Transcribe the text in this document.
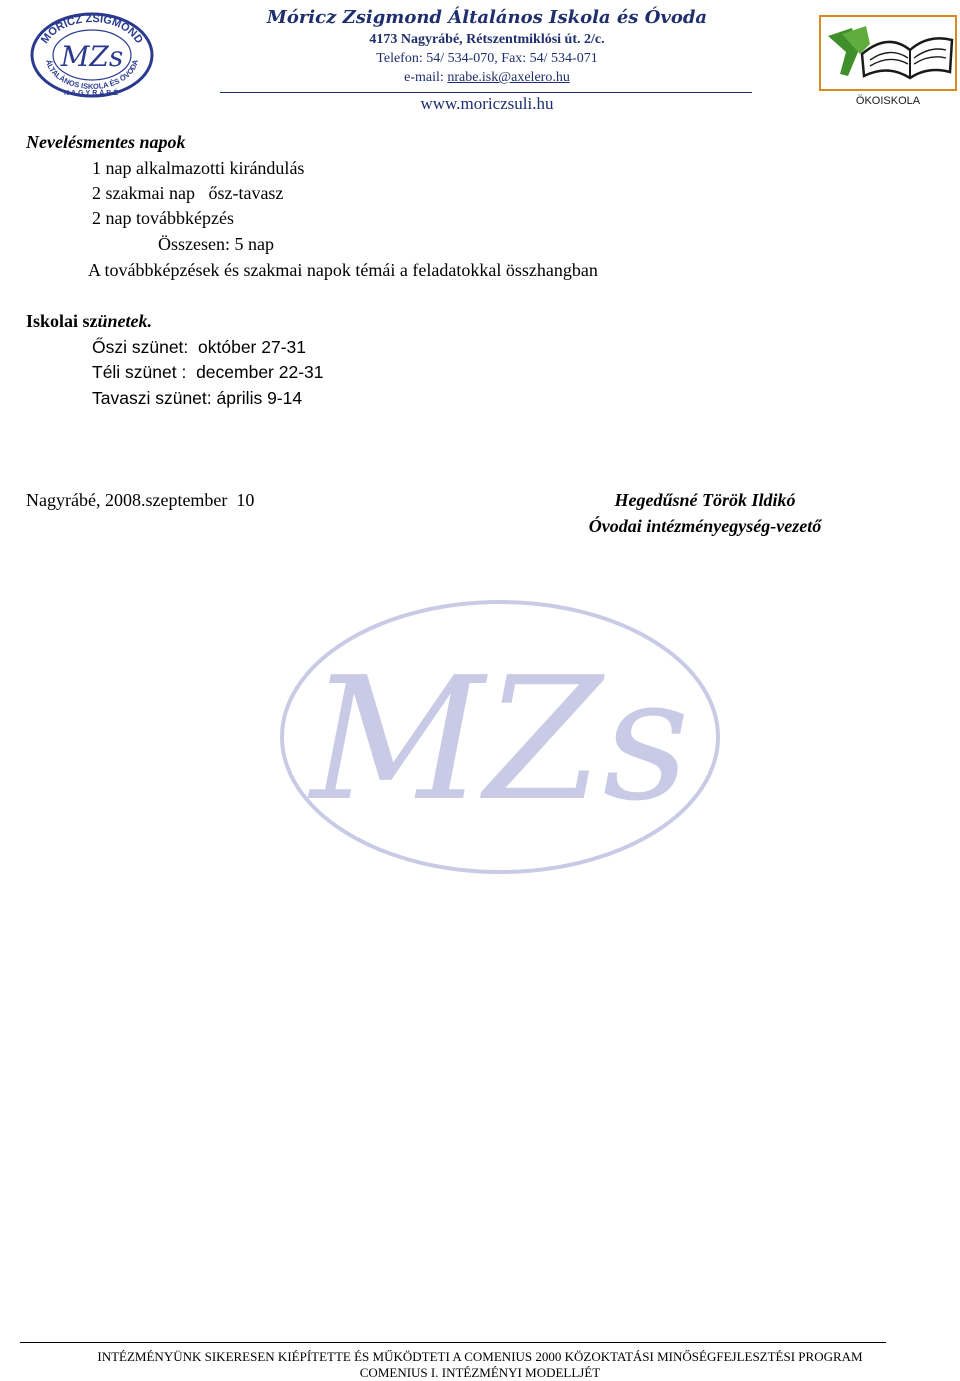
MÓRICZ ZSIGMOND
ÁLTALÁNOS ISKOLA ÉS ÓVODA
NAGYRÁBÉ
MZs
Móricz Zsigmond Általános Iskola és Óvoda
4173 Nagyrábé, Rétszentmiklósi út. 2/c.
Telefon: 54/ 534-070, Fax: 54/ 534-071
e-mail: nrabe.isk@axelero.hu
www.moriczsuli.hu	ÖKOISKOLA
Nevelésmentes napok
1 nap alkalmazotti kirándulás
2 szakmai nap   ősz-tavasz
2 nap továbbképzés
Összesen: 5 nap
A továbbképzések és szakmai napok témái a feladatokkal összhangban
Iskolai szünetek.
Őszi szünet:  október 27-31
Téli szünet :  december 22-31
Tavaszi szünet: április 9-14
Nagyrábé, 2008.szeptember  10	Hegedűsné Török Ildikó
Óvodai intézményegység-vezető
MZs
INTÉZMÉNYÜNK SIKERESEN KIÉPÍTETTE ÉS MŰKÖDTETI A COMENIUS 2000 KÖZOKTATÁSI MINŐSÉGFEJLESZTÉSI PROGRAM
COMENIUS I. INTÉZMÉNYI MODELLJÉT
